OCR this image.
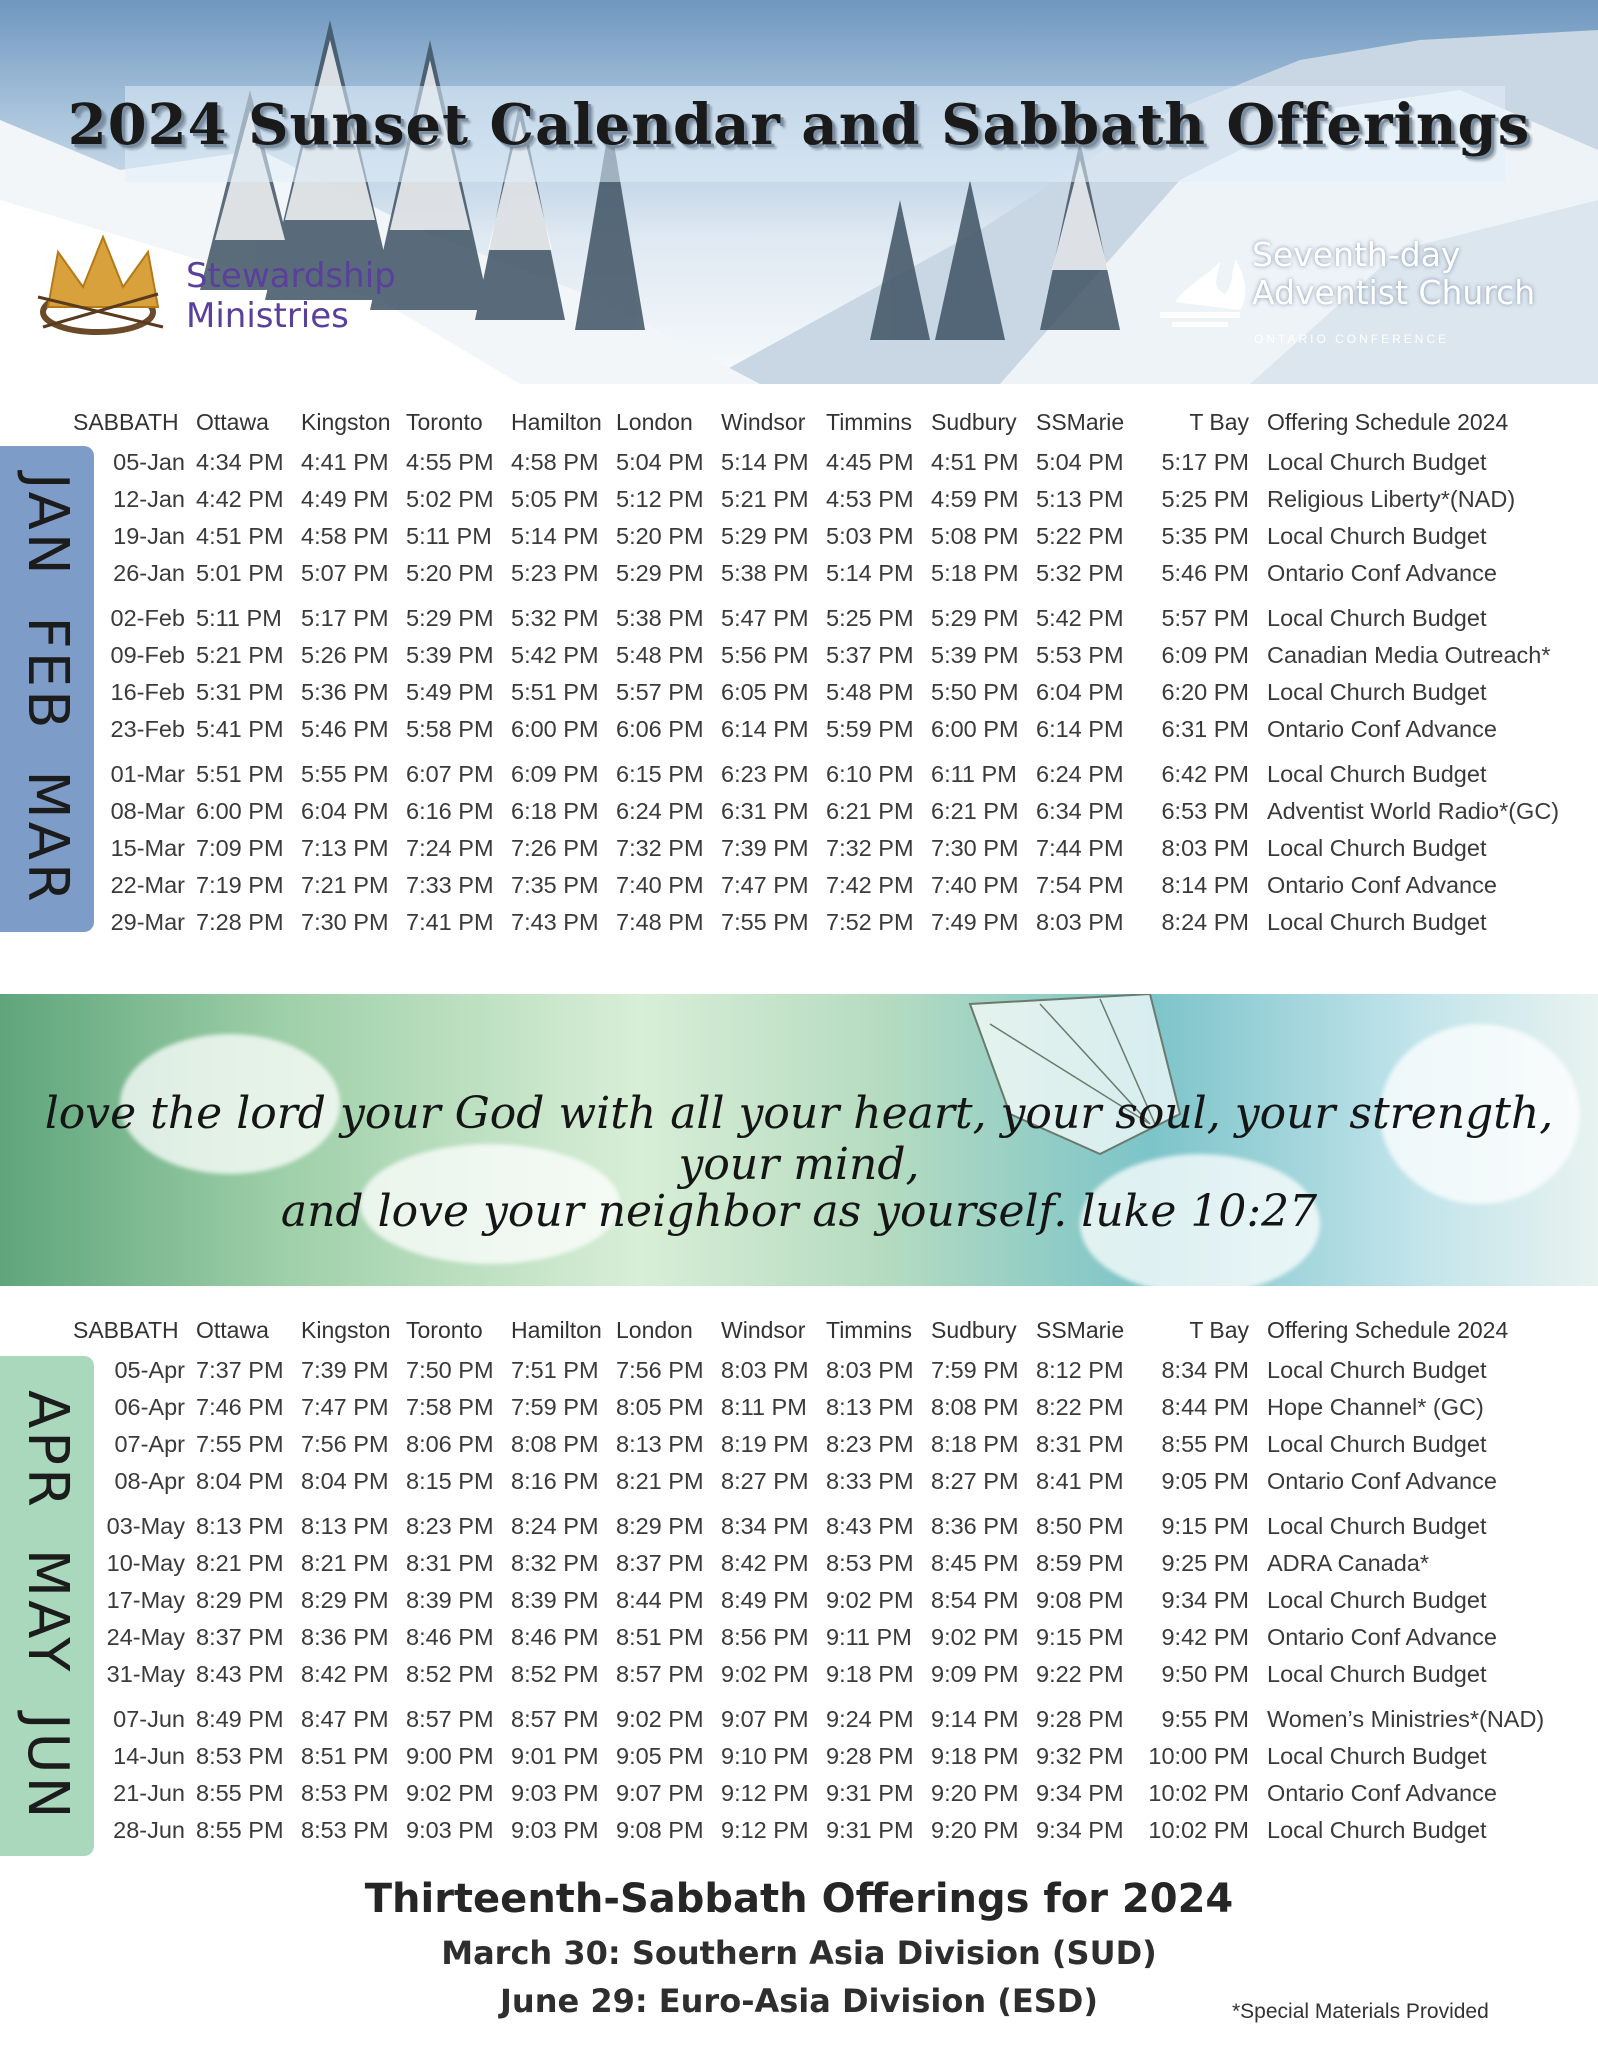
2024 Sunset Calendar and Sabbath Offerings
Stewardship
Ministries
Seventh-day
Adventist Church
ONTARIO CONFERENCE
JAN FEB MAR
SABBATH	Ottawa	Kingston	Toronto	Hamilton	London	Windsor	Timmins	Sudbury	SSMarie	T Bay	Offering Schedule 2024
05-Jan	4:34 PM	4:41 PM	4:55 PM	4:58 PM	5:04 PM	5:14 PM	4:45 PM	4:51 PM	5:04 PM	5:17 PM	Local Church Budget
12-Jan	4:42 PM	4:49 PM	5:02 PM	5:05 PM	5:12 PM	5:21 PM	4:53 PM	4:59 PM	5:13 PM	5:25 PM	Religious Liberty*(NAD)
19-Jan	4:51 PM	4:58 PM	5:11 PM	5:14 PM	5:20 PM	5:29 PM	5:03 PM	5:08 PM	5:22 PM	5:35 PM	Local Church Budget
26-Jan	5:01 PM	5:07 PM	5:20 PM	5:23 PM	5:29 PM	5:38 PM	5:14 PM	5:18 PM	5:32 PM	5:46 PM	Ontario Conf Advance
02-Feb	5:11 PM	5:17 PM	5:29 PM	5:32 PM	5:38 PM	5:47 PM	5:25 PM	5:29 PM	5:42 PM	5:57 PM	Local Church Budget
09-Feb	5:21 PM	5:26 PM	5:39 PM	5:42 PM	5:48 PM	5:56 PM	5:37 PM	5:39 PM	5:53 PM	6:09 PM	Canadian Media Outreach*
16-Feb	5:31 PM	5:36 PM	5:49 PM	5:51 PM	5:57 PM	6:05 PM	5:48 PM	5:50 PM	6:04 PM	6:20 PM	Local Church Budget
23-Feb	5:41 PM	5:46 PM	5:58 PM	6:00 PM	6:06 PM	6:14 PM	5:59 PM	6:00 PM	6:14 PM	6:31 PM	Ontario Conf Advance
01-Mar	5:51 PM	5:55 PM	6:07 PM	6:09 PM	6:15 PM	6:23 PM	6:10 PM	6:11 PM	6:24 PM	6:42 PM	Local Church Budget
08-Mar	6:00 PM	6:04 PM	6:16 PM	6:18 PM	6:24 PM	6:31 PM	6:21 PM	6:21 PM	6:34 PM	6:53 PM	Adventist World Radio*(GC)
15-Mar	7:09 PM	7:13 PM	7:24 PM	7:26 PM	7:32 PM	7:39 PM	7:32 PM	7:30 PM	7:44 PM	8:03 PM	Local Church Budget
22-Mar	7:19 PM	7:21 PM	7:33 PM	7:35 PM	7:40 PM	7:47 PM	7:42 PM	7:40 PM	7:54 PM	8:14 PM	Ontario Conf Advance
29-Mar	7:28 PM	7:30 PM	7:41 PM	7:43 PM	7:48 PM	7:55 PM	7:52 PM	7:49 PM	8:03 PM	8:24 PM	Local Church Budget
love the lord your God with all your heart, your soul, your strength, your mind,
and love your neighbor as yourself. luke 10:27
APR MAY JUN
SABBATH	Ottawa	Kingston	Toronto	Hamilton	London	Windsor	Timmins	Sudbury	SSMarie	T Bay	Offering Schedule 2024
05-Apr	7:37 PM	7:39 PM	7:50 PM	7:51 PM	7:56 PM	8:03 PM	8:03 PM	7:59 PM	8:12 PM	8:34 PM	Local Church Budget
06-Apr	7:46 PM	7:47 PM	7:58 PM	7:59 PM	8:05 PM	8:11 PM	8:13 PM	8:08 PM	8:22 PM	8:44 PM	Hope Channel* (GC)
07-Apr	7:55 PM	7:56 PM	8:06 PM	8:08 PM	8:13 PM	8:19 PM	8:23 PM	8:18 PM	8:31 PM	8:55 PM	Local Church Budget
08-Apr	8:04 PM	8:04 PM	8:15 PM	8:16 PM	8:21 PM	8:27 PM	8:33 PM	8:27 PM	8:41 PM	9:05 PM	Ontario Conf Advance
03-May	8:13 PM	8:13 PM	8:23 PM	8:24 PM	8:29 PM	8:34 PM	8:43 PM	8:36 PM	8:50 PM	9:15 PM	Local Church Budget
10-May	8:21 PM	8:21 PM	8:31 PM	8:32 PM	8:37 PM	8:42 PM	8:53 PM	8:45 PM	8:59 PM	9:25 PM	ADRA Canada*
17-May	8:29 PM	8:29 PM	8:39 PM	8:39 PM	8:44 PM	8:49 PM	9:02 PM	8:54 PM	9:08 PM	9:34 PM	Local Church Budget
24-May	8:37 PM	8:36 PM	8:46 PM	8:46 PM	8:51 PM	8:56 PM	9:11 PM	9:02 PM	9:15 PM	9:42 PM	Ontario Conf Advance
31-May	8:43 PM	8:42 PM	8:52 PM	8:52 PM	8:57 PM	9:02 PM	9:18 PM	9:09 PM	9:22 PM	9:50 PM	Local Church Budget
07-Jun	8:49 PM	8:47 PM	8:57 PM	8:57 PM	9:02 PM	9:07 PM	9:24 PM	9:14 PM	9:28 PM	9:55 PM	Women’s Ministries*(NAD)
14-Jun	8:53 PM	8:51 PM	9:00 PM	9:01 PM	9:05 PM	9:10 PM	9:28 PM	9:18 PM	9:32 PM	10:00 PM	Local Church Budget
21-Jun	8:55 PM	8:53 PM	9:02 PM	9:03 PM	9:07 PM	9:12 PM	9:31 PM	9:20 PM	9:34 PM	10:02 PM	Ontario Conf Advance
28-Jun	8:55 PM	8:53 PM	9:03 PM	9:03 PM	9:08 PM	9:12 PM	9:31 PM	9:20 PM	9:34 PM	10:02 PM	Local Church Budget
Thirteenth-Sabbath Offerings for 2024
March 30: Southern Asia Division (SUD)
June 29: Euro-Asia Division (ESD)	*Special Materials Provided
